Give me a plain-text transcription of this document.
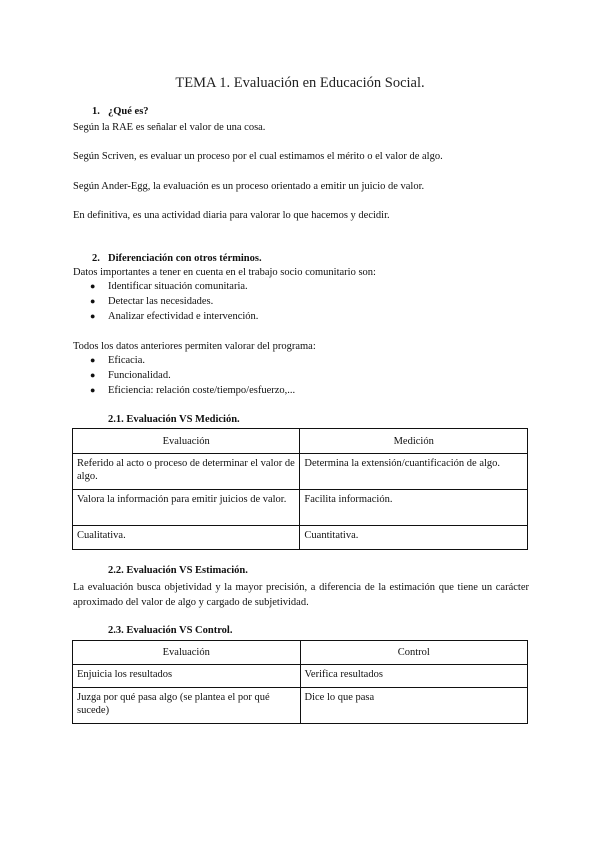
TEMA 1. Evaluación en Educación Social.
1. ¿Qué es?
Según la RAE es señalar el valor de una cosa.
Según Scriven, es evaluar un proceso por el cual estimamos el mérito o el valor de algo.
Según Ander-Egg, la evaluación es un proceso orientado a emitir un juicio de valor.
En definitiva, es una actividad diaria para valorar lo que hacemos y decidir.
2. Diferenciación con otros términos.
Datos importantes a tener en cuenta en el trabajo socio comunitario son:
● Identificar situación comunitaria.
● Detectar las necesidades.
● Analizar efectividad e intervención.
Todos los datos anteriores permiten valorar del programa:
● Eficacia.
● Funcionalidad.
● Eficiencia: relación coste/tiempo/esfuerzo,...
2.1. Evaluación VS Medición.
Evaluación	Medición
Referido al acto o proceso de determinar el valor de algo.	Determina la extensión/cuantificación de algo.
Valora la información para emitir juicios de valor.	Facilita información.
Cualitativa.	Cuantitativa.
2.2. Evaluación VS Estimación.
La evaluación busca objetividad y la mayor precisión, a diferencia de la estimación que tiene un carácter aproximado del valor de algo y cargado de subjetividad.
2.3. Evaluación VS Control.
Evaluación	Control
Enjuicia los resultados	Verifica resultados
Juzga por qué pasa algo (se plantea el por qué sucede)	Dice lo que pasa
